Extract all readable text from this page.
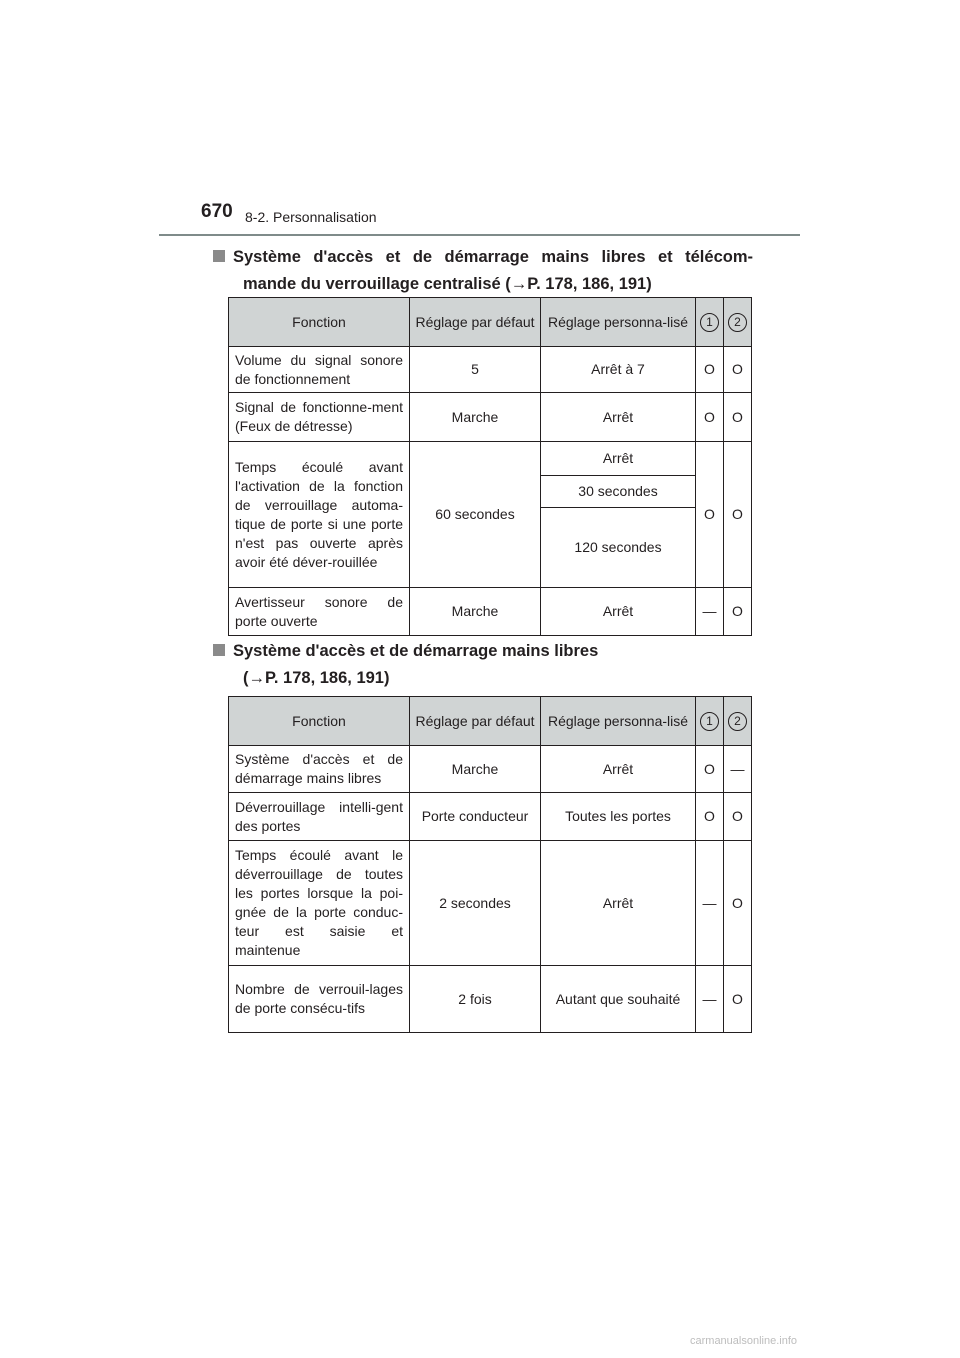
670 8-2. Personnalisation
Système d'accès et de démarrage mains libres et télécom-
mande du verrouillage centralisé (→P. 178, 186, 191)
Fonction	Réglage par défaut	Réglage personna-lisé	1	2
Volume du signal sonore de fonctionnement	5	Arrêt à 7	O	O
Signal de fonctionne-ment (Feux de détresse)	Marche	Arrêt	O	O
Temps écoulé avant l'activation de la fonction de verrouillage automa-tique de porte si une porte n'est pas ouverte après avoir été déver-rouillée	60 secondes	Arrêt	O	O
		30 secondes		
		120 secondes		
Avertisseur sonore de porte ouverte	Marche	Arrêt	—	O
Système d'accès et de démarrage mains libres
(→P. 178, 186, 191)
Fonction	Réglage par défaut	Réglage personna-lisé	1	2
Système d'accès et de démarrage mains libres	Marche	Arrêt	O	—
Déverrouillage intelli-gent des portes	Porte conducteur	Toutes les portes	O	O
Temps écoulé avant le déverrouillage de toutes les portes lorsque la poi-gnée de la porte conduc-teur est saisie et maintenue	2 secondes	Arrêt	—	O
Nombre de verrouil-lages de porte consécu-tifs	2 fois	Autant que souhaité	—	O
carmanualsonline.info
